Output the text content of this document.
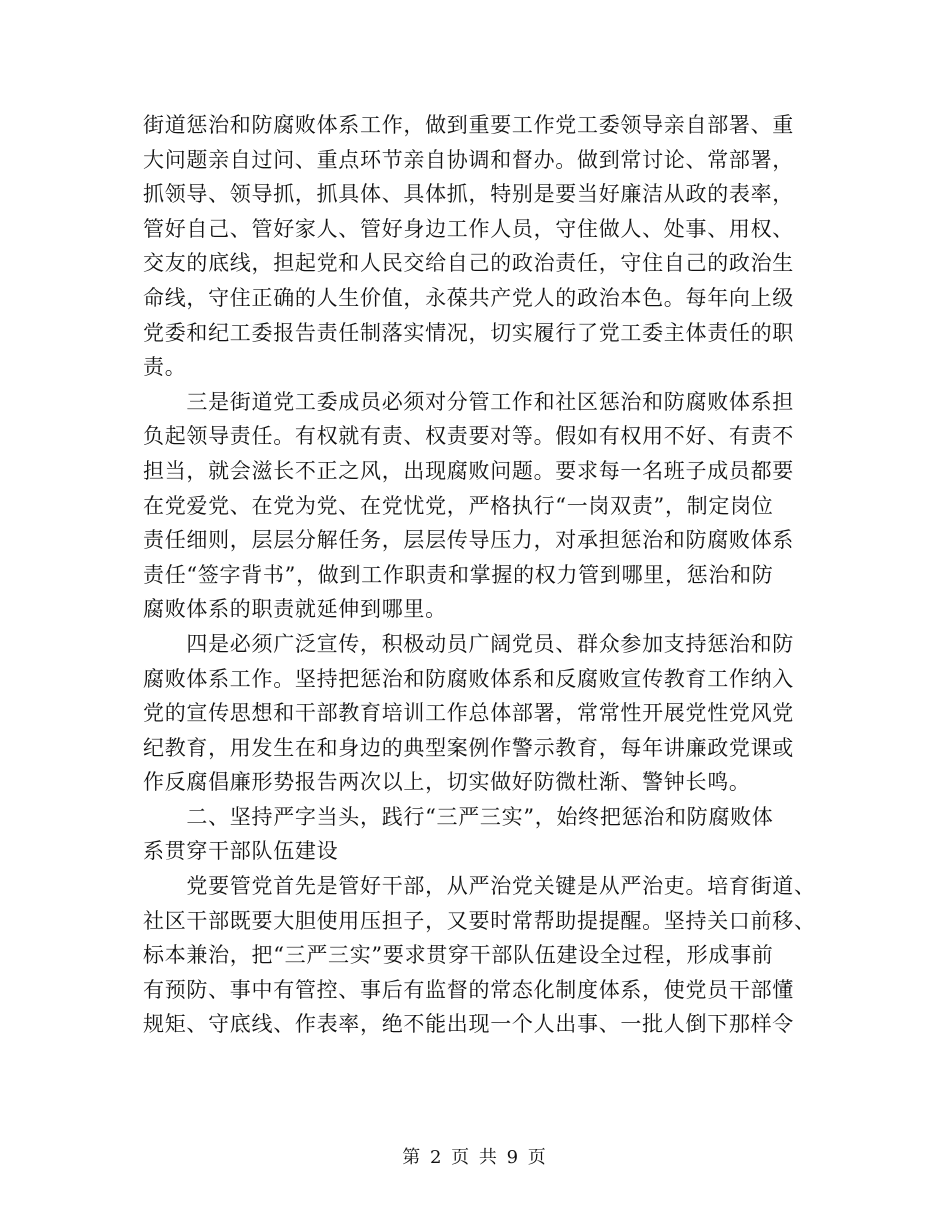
街道惩治和防腐败体系工作，做到重要工作党工委领导亲自部署、重
大问题亲自过问、重点环节亲自协调和督办。做到常讨论、常部署，
抓领导、领导抓，抓具体、具体抓，特别是要当好廉洁从政的表率，
管好自己、管好家人、管好身边工作人员，守住做人、处事、用权、
交友的底线，担起党和人民交给自己的政治责任，守住自己的政治生
命线，守住正确的人生价值，永葆共产党人的政治本色。每年向上级
党委和纪工委报告责任制落实情况，切实履行了党工委主体责任的职
责。

　　三是街道党工委成员必须对分管工作和社区惩治和防腐败体系担
负起领导责任。有权就有责、权责要对等。假如有权用不好、有责不
担当，就会滋长不正之风，出现腐败问题。要求每一名班子成员都要
在党爱党、在党为党、在党忧党，严格执行“一岗双责”，制定岗位
责任细则，层层分解任务，层层传导压力，对承担惩治和防腐败体系
责任“签字背书”，做到工作职责和掌握的权力管到哪里，惩治和防
腐败体系的职责就延伸到哪里。

　　四是必须广泛宣传，积极动员广阔党员、群众参加支持惩治和防
腐败体系工作。坚持把惩治和防腐败体系和反腐败宣传教育工作纳入
党的宣传思想和干部教育培训工作总体部署，常常性开展党性党风党
纪教育，用发生在和身边的典型案例作警示教育，每年讲廉政党课或
作反腐倡廉形势报告两次以上，切实做好防微杜渐、警钟长鸣。

　　二、坚持严字当头，践行“三严三实”，始终把惩治和防腐败体
系贯穿干部队伍建设

　　党要管党首先是管好干部，从严治党关键是从严治吏。培育街道、
社区干部既要大胆使用压担子，又要时常帮助提提醒。坚持关口前移、
标本兼治，把“三严三实”要求贯穿干部队伍建设全过程，形成事前
有预防、事中有管控、事后有监督的常态化制度体系，使党员干部懂
规矩、守底线、作表率，绝不能出现一个人出事、一批人倒下那样令

第 2 页 共 9 页
